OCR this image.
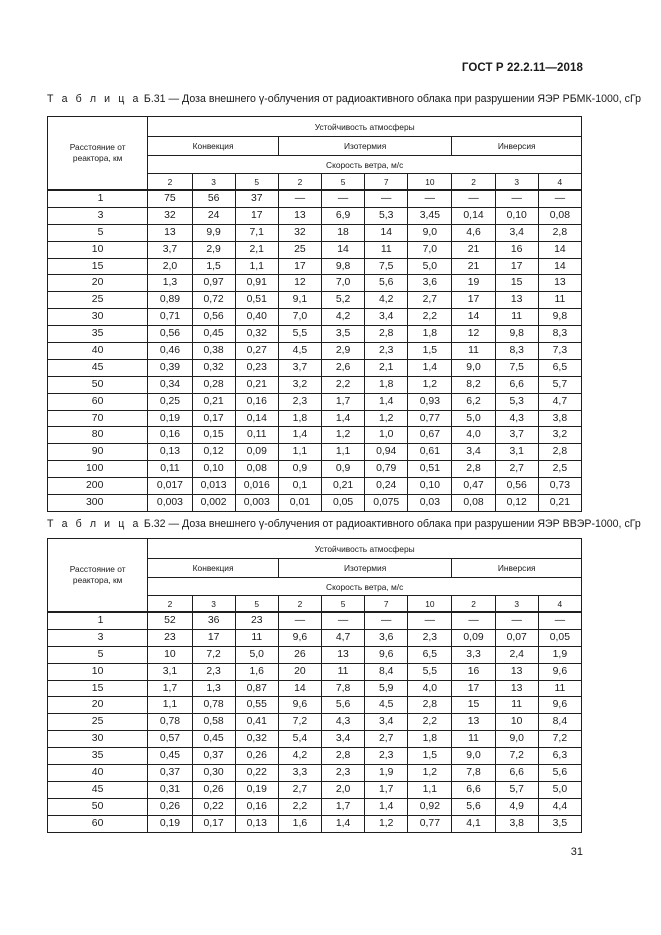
ГОСТ Р 22.2.11—2018
Т а б л и ц а Б.31 — Доза внешнего γ-облучения от радиоактивного облака при разрушении ЯЭР РБМК-1000, сГр
Расстояние от реактора, км	Устойчивость атмосферы									
	Конвекция			Изотермия				Инверсия		
	Скорость ветра, м/с									
	2	3	5	2	5	7	10	2	3	4
1	75	56	37	—	—	—	—	—	—	—
3	32	24	17	13	6,9	5,3	3,45	0,14	0,10	0,08
5	13	9,9	7,1	32	18	14	9,0	4,6	3,4	2,8
10	3,7	2,9	2,1	25	14	11	7,0	21	16	14
15	2,0	1,5	1,1	17	9,8	7,5	5,0	21	17	14
20	1,3	0,97	0,91	12	7,0	5,6	3,6	19	15	13
25	0,89	0,72	0,51	9,1	5,2	4,2	2,7	17	13	11
30	0,71	0,56	0,40	7,0	4,2	3,4	2,2	14	11	9,8
35	0,56	0,45	0,32	5,5	3,5	2,8	1,8	12	9,8	8,3
40	0,46	0,38	0,27	4,5	2,9	2,3	1,5	11	8,3	7,3
45	0,39	0,32	0,23	3,7	2,6	2,1	1,4	9,0	7,5	6,5
50	0,34	0,28	0,21	3,2	2,2	1,8	1,2	8,2	6,6	5,7
60	0,25	0,21	0,16	2,3	1,7	1,4	0,93	6,2	5,3	4,7
70	0,19	0,17	0,14	1,8	1,4	1,2	0,77	5,0	4,3	3,8
80	0,16	0,15	0,11	1,4	1,2	1,0	0,67	4,0	3,7	3,2
90	0,13	0,12	0,09	1,1	1,1	0,94	0,61	3,4	3,1	2,8
100	0,11	0,10	0,08	0,9	0,9	0,79	0,51	2,8	2,7	2,5
200	0,017	0,013	0,016	0,1	0,21	0,24	0,10	0,47	0,56	0,73
300	0,003	0,002	0,003	0,01	0,05	0,075	0,03	0,08	0,12	0,21
Т а б л и ц а Б.32 — Доза внешнего γ-облучения от радиоактивного облака при разрушении ЯЭР ВВЭР-1000, сГр
Расстояние от реактора, км	Устойчивость атмосферы									
	Конвекция			Изотермия				Инверсия		
	Скорость ветра, м/с									
	2	3	5	2	5	7	10	2	3	4
1	52	36	23	—	—	—	—	—	—	—
3	23	17	11	9,6	4,7	3,6	2,3	0,09	0,07	0,05
5	10	7,2	5,0	26	13	9,6	6,5	3,3	2,4	1,9
10	3,1	2,3	1,6	20	11	8,4	5,5	16	13	9,6
15	1,7	1,3	0,87	14	7,8	5,9	4,0	17	13	11
20	1,1	0,78	0,55	9,6	5,6	4,5	2,8	15	11	9,6
25	0,78	0,58	0,41	7,2	4,3	3,4	2,2	13	10	8,4
30	0,57	0,45	0,32	5,4	3,4	2,7	1,8	11	9,0	7,2
35	0,45	0,37	0,26	4,2	2,8	2,3	1,5	9,0	7,2	6,3
40	0,37	0,30	0,22	3,3	2,3	1,9	1,2	7,8	6,6	5,6
45	0,31	0,26	0,19	2,7	2,0	1,7	1,1	6,6	5,7	5,0
50	0,26	0,22	0,16	2,2	1,7	1,4	0,92	5,6	4,9	4,4
60	0,19	0,17	0,13	1,6	1,4	1,2	0,77	4,1	3,8	3,5
31
